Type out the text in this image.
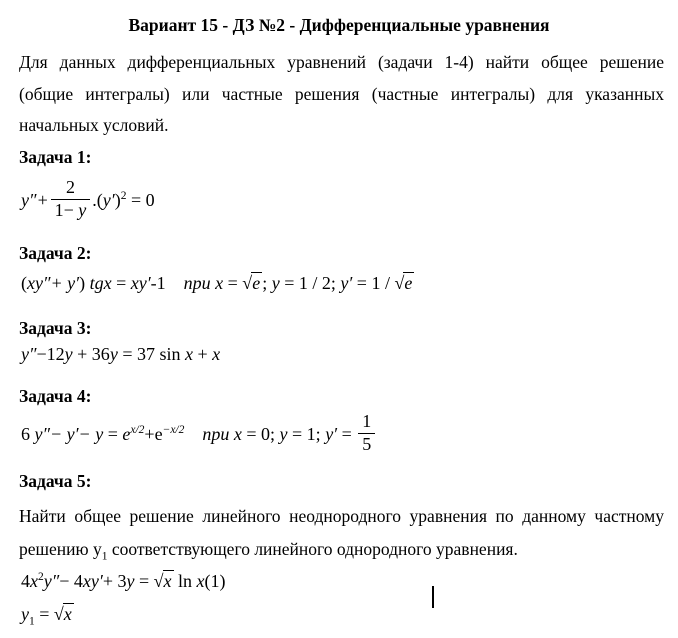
Вариант 15 - ДЗ №2 - Дифференциальные уравнения
Для данных дифференциальных уравнений (задачи 1-4) найти общее решение
(общие интегралы) или частные решения (частные интегралы) для указанных
начальных условий.
Задача 1:
$y''+ \frac{2}{1- y} .(y')^2 = 0$
Задача 2:
(xy″+ y′) tgx = xy′-1 при x = √e ; y = 1 / 2; y′ = 1 / √e
Задача 3:
y″−12y + 36y = 37 sin x + x
Задача 4:
6 $y''- y'- y = e^{x/2}+e^{-x/2}$ при x = 0; y = 1; $y' = \frac{1}{5}$
Задача 5:
Найти общее решение линейного неоднородного уравнения по данному частному
решению $y_1$ соответствующего линейного однородного уравнения.
$4x^2y''- 4xy'+ 3y = √x$ ln x(1)
$y_1 = √x$
